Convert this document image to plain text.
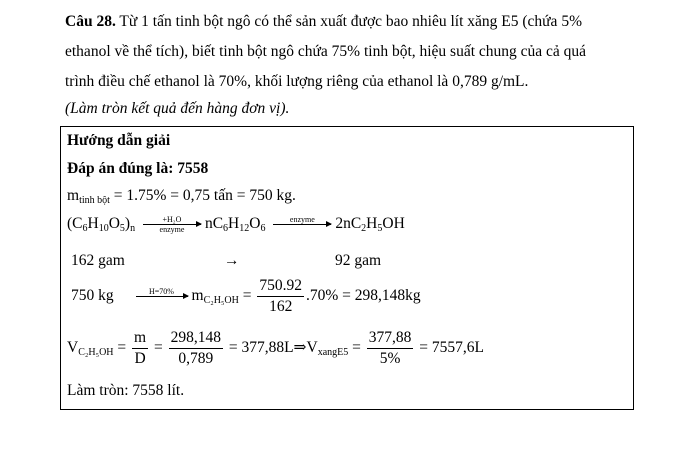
Câu 28. Từ 1 tấn tinh bột ngô có thể sản xuất được bao nhiêu lít xăng E5 (chứa 5%
ethanol về thể tích), biết tinh bột ngô chứa 75% tinh bột, hiệu suất chung của cả quá
trình điều chế ethanol là 70%, khối lượng riêng của ethanol là 0,789 g/mL.
(Làm tròn kết quả đến hàng đơn vị).
Hướng dẫn giải
Đáp án đúng là: 7558
$m_{tinh bột} = 1.75\% = 0,75$ tấn = 750 kg.
$(C_6H_{10}O_5)_n$
+H₂O
enzyme $nC_6H_{12}O_6$
enzyme
$2nC_2H_5OH$
162 gam	→	92 gam
750 kg	H=70%
$m_{C_2H_5OH} = \frac{750.92}{162} .70\% = 298,148kg$
$V_{C_2H_5OH} = \frac{m}{D} = \frac{298,148}{0,789}$ = $377,88L\Rightarrow V_{xangE5} = \frac{377,88}{5\%} = 7557,6L$
Làm tròn: 7558 lít.
